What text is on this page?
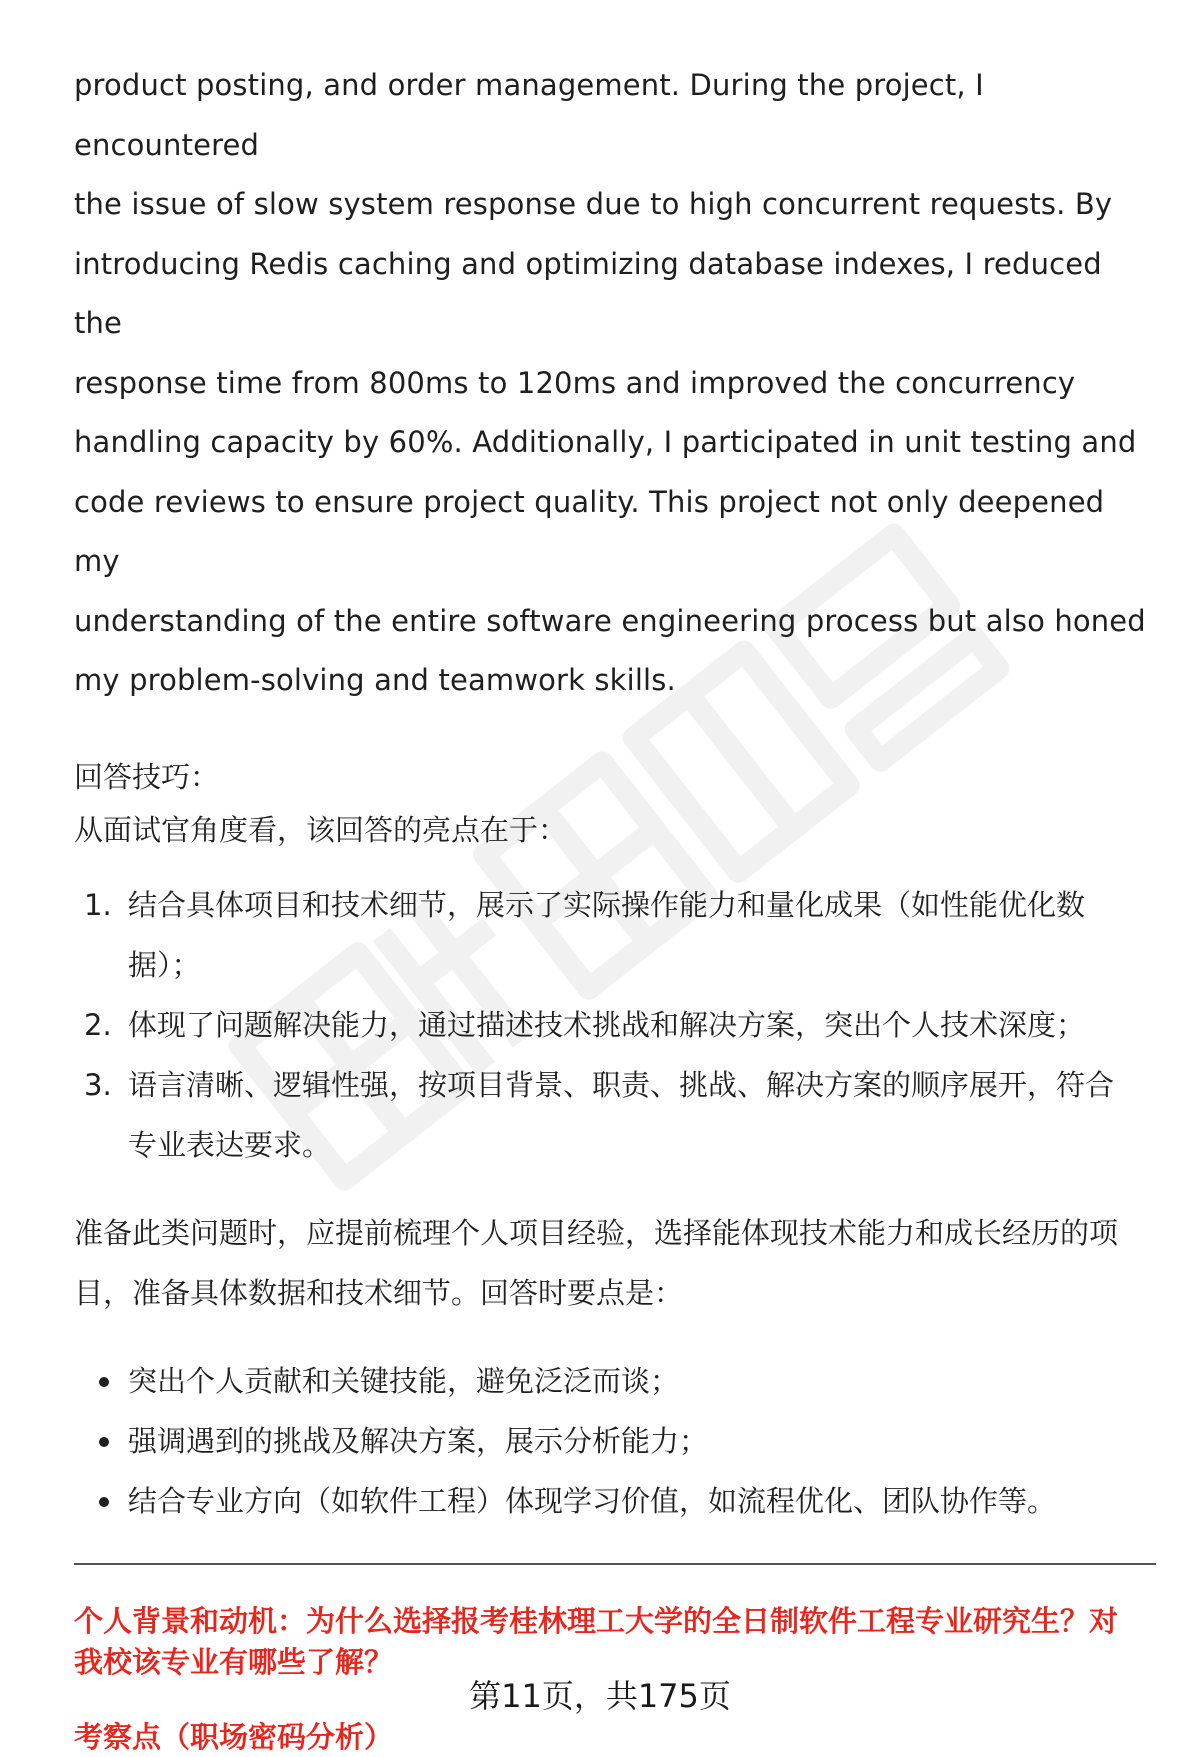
product posting, and order management. During the project, I encountered
the issue of slow system response due to high concurrent requests. By
introducing Redis caching and optimizing database indexes, I reduced the
response time from 800ms to 120ms and improved the concurrency
handling capacity by 60%. Additionally, I participated in unit testing and
code reviews to ensure project quality. This project not only deepened my
understanding of the entire software engineering process but also honed
my problem-solving and teamwork skills.

回答技巧：

从面试官角度看，该回答的亮点在于：

1. 结合具体项目和技术细节，展示了实际操作能力和量化成果（如性能优化数
据）；
2. 体现了问题解决能力，通过描述技术挑战和解决方案，突出个人技术深度；
3. 语言清晰、逻辑性强，按项目背景、职责、挑战、解决方案的顺序展开，符合
专业表达要求。

准备此类问题时，应提前梳理个人项目经验，选择能体现技术能力和成长经历的项
目，准备具体数据和技术细节。回答时要点是：

突出个人贡献和关键技能，避免泛泛而谈；
强调遇到的挑战及解决方案，展示分析能力；
结合专业方向（如软件工程）体现学习价值，如流程优化、团队协作等。

个人背景和动机：为什么选择报考桂林理工大学的全日制软件工程专业研究生？对
我校该专业有哪些了解？

考察点（职场密码分析）

第11页，共175页
